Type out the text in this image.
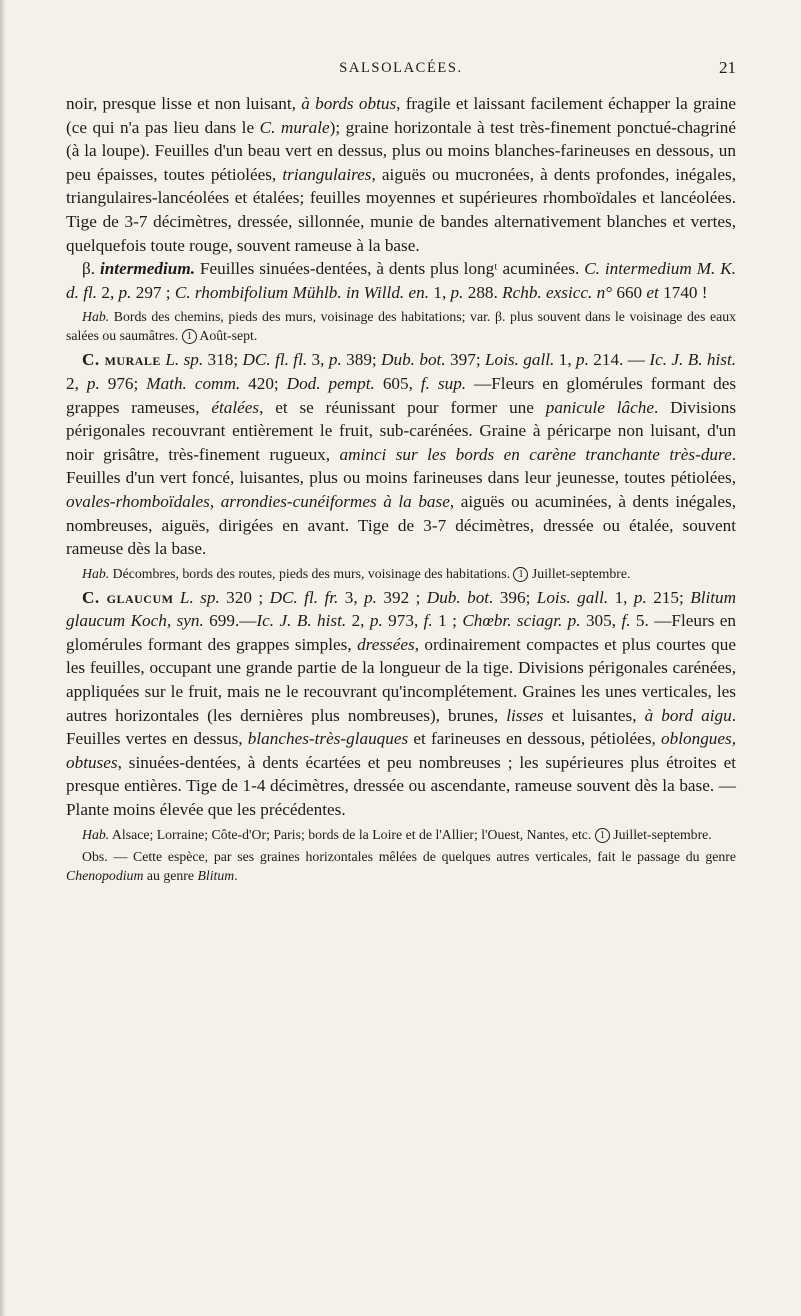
SALSOLACÉES.	21

noir, presque lisse et non luisant, à bords obtus, fragile et laissant facilement échapper la graine (ce qui n'a pas lieu dans le C. murale); graine horizontale à test très-finement ponctué-chagriné (à la loupe). Feuilles d'un beau vert en dessus, plus ou moins blanches-farineuses en dessous, un peu épaisses, toutes pétiolées, triangulaires, aiguës ou mucronées, à dents profondes, inégales, triangulaires-lancéolées et étalées; feuilles moyennes et supérieures rhomboïdales et lancéolées. Tige de 3-7 décimètres, dressée, sillonnée, munie de bandes alternativement blanches et vertes, quelquefois toute rouge, souvent rameuse à la base.

β. intermedium. Feuilles sinuées-dentées, à dents plus longᵗ acuminées. C. intermedium M. K. d. fl. 2, p. 297 ; C. rhombifolium Mühlb. in Willd. en. 1, p. 288. Rchb. exsicc. n° 660 et 1740 !

Hab. Bords des chemins, pieds des murs, voisinage des habitations; var. β. plus souvent dans le voisinage des eaux salées ou saumâtres. 1 Août-sept.

C. murale L. sp. 318; DC. fl. fl. 3, p. 389; Dub. bot. 397; Lois. gall. 1, p. 214. — Ic. J. B. hist. 2, p. 976; Math. comm. 420; Dod. pempt. 605, f. sup. —Fleurs en glomérules formant des grappes rameuses, étalées, et se réunissant pour former une panicule lâche. Divisions périgonales recouvrant entièrement le fruit, sub-carénées. Graine à péricarpe non luisant, d'un noir grisâtre, très-finement rugueux, aminci sur les bords en carène tranchante très-dure. Feuilles d'un vert foncé, luisantes, plus ou moins farineuses dans leur jeunesse, toutes pétiolées, ovales-rhomboïdales, arrondies-cunéiformes à la base, aiguës ou acuminées, à dents inégales, nombreuses, aiguës, dirigées en avant. Tige de 3-7 décimètres, dressée ou étalée, souvent rameuse dès la base.

Hab. Décombres, bords des routes, pieds des murs, voisinage des habitations. 1 Juillet-septembre.

C. glaucum L. sp. 320 ; DC. fl. fr. 3, p. 392 ; Dub. bot. 396; Lois. gall. 1, p. 215; Blitum glaucum Koch, syn. 699.—Ic. J. B. hist. 2, p. 973, f. 1 ; Chœbr. sciagr. p. 305, f. 5. —Fleurs en glomérules formant des grappes simples, dressées, ordinairement compactes et plus courtes que les feuilles, occupant une grande partie de la longueur de la tige. Divisions périgonales carénées, appliquées sur le fruit, mais ne le recouvrant qu'incomplétement. Graines les unes verticales, les autres horizontales (les dernières plus nombreuses), brunes, lisses et luisantes, à bord aigu. Feuilles vertes en dessus, blanches-très-glauques et farineuses en dessous, pétiolées, oblongues, obtuses, sinuées-dentées, à dents écartées et peu nombreuses ; les supérieures plus étroites et presque entières. Tige de 1-4 décimètres, dressée ou ascendante, rameuse souvent dès la base. — Plante moins élevée que les précédentes.

Hab. Alsace; Lorraine; Côte-d'Or; Paris; bords de la Loire et de l'Allier; l'Ouest, Nantes, etc. 1 Juillet-septembre.

Obs. — Cette espèce, par ses graines horizontales mêlées de quelques autres verticales, fait le passage du genre Chenopodium au genre Blitum.
